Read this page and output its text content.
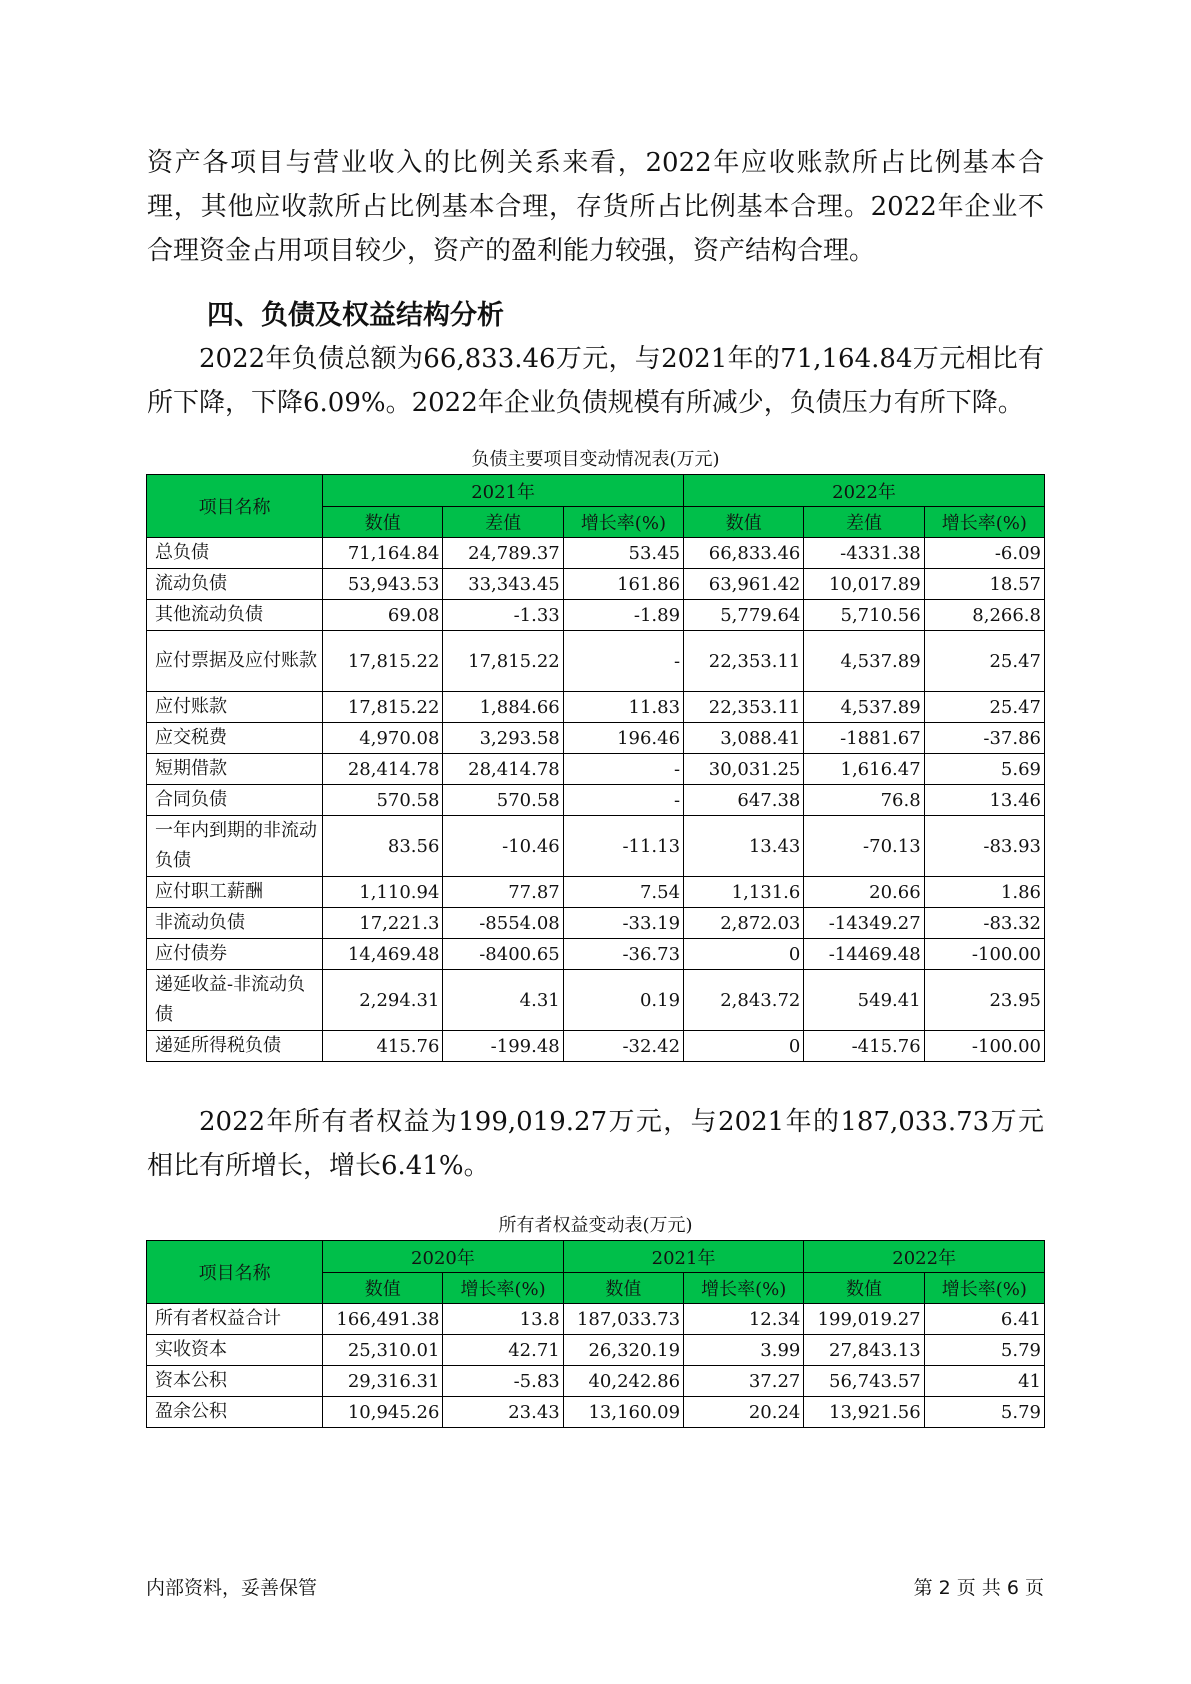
资产各项目与营业收入的比例关系来看，2022年应收账款所占比例基本合理，其他应收款所占比例基本合理，存货所占比例基本合理。2022年企业不合理资金占用项目较少，资产的盈利能力较强，资产结构合理。
四、负债及权益结构分析
2022年负债总额为66,833.46万元，与2021年的71,164.84万元相比有所下降，下降6.09%。2022年企业负债规模有所减少，负债压力有所下降。
负债主要项目变动情况表(万元)
项目名称	2021年			2022年		
	数值	差值	增长率(%)	数值	差值	增长率(%)
总负债	71,164.84	24,789.37	53.45	66,833.46	-4331.38	-6.09
流动负债	53,943.53	33,343.45	161.86	63,961.42	10,017.89	18.57
其他流动负债	69.08	-1.33	-1.89	5,779.64	5,710.56	8,266.8
应付票据及应付账款	17,815.22	17,815.22	-	22,353.11	4,537.89	25.47
应付账款	17,815.22	1,884.66	11.83	22,353.11	4,537.89	25.47
应交税费	4,970.08	3,293.58	196.46	3,088.41	-1881.67	-37.86
短期借款	28,414.78	28,414.78	-	30,031.25	1,616.47	5.69
合同负债	570.58	570.58	-	647.38	76.8	13.46
一年内到期的非流动负债	83.56	-10.46	-11.13	13.43	-70.13	-83.93
应付职工薪酬	1,110.94	77.87	7.54	1,131.6	20.66	1.86
非流动负债	17,221.3	-8554.08	-33.19	2,872.03	-14349.27	-83.32
应付债券	14,469.48	-8400.65	-36.73	0	-14469.48	-100.00
递延收益-非流动负债	2,294.31	4.31	0.19	2,843.72	549.41	23.95
递延所得税负债	415.76	-199.48	-32.42	0	-415.76	-100.00
2022年所有者权益为199,019.27万元，与2021年的187,033.73万元相比有所增长，增长6.41%。
所有者权益变动表(万元)
项目名称	2020年		2021年		2022年	
	数值	增长率(%)	数值	增长率(%)	数值	增长率(%)
所有者权益合计	166,491.38	13.8	187,033.73	12.34	199,019.27	6.41
实收资本	25,310.01	42.71	26,320.19	3.99	27,843.13	5.79
资本公积	29,316.31	-5.83	40,242.86	37.27	56,743.57	41
盈余公积	10,945.26	23.43	13,160.09	20.24	13,921.56	5.79
内部资料，妥善保管	第 2 页 共 6 页
